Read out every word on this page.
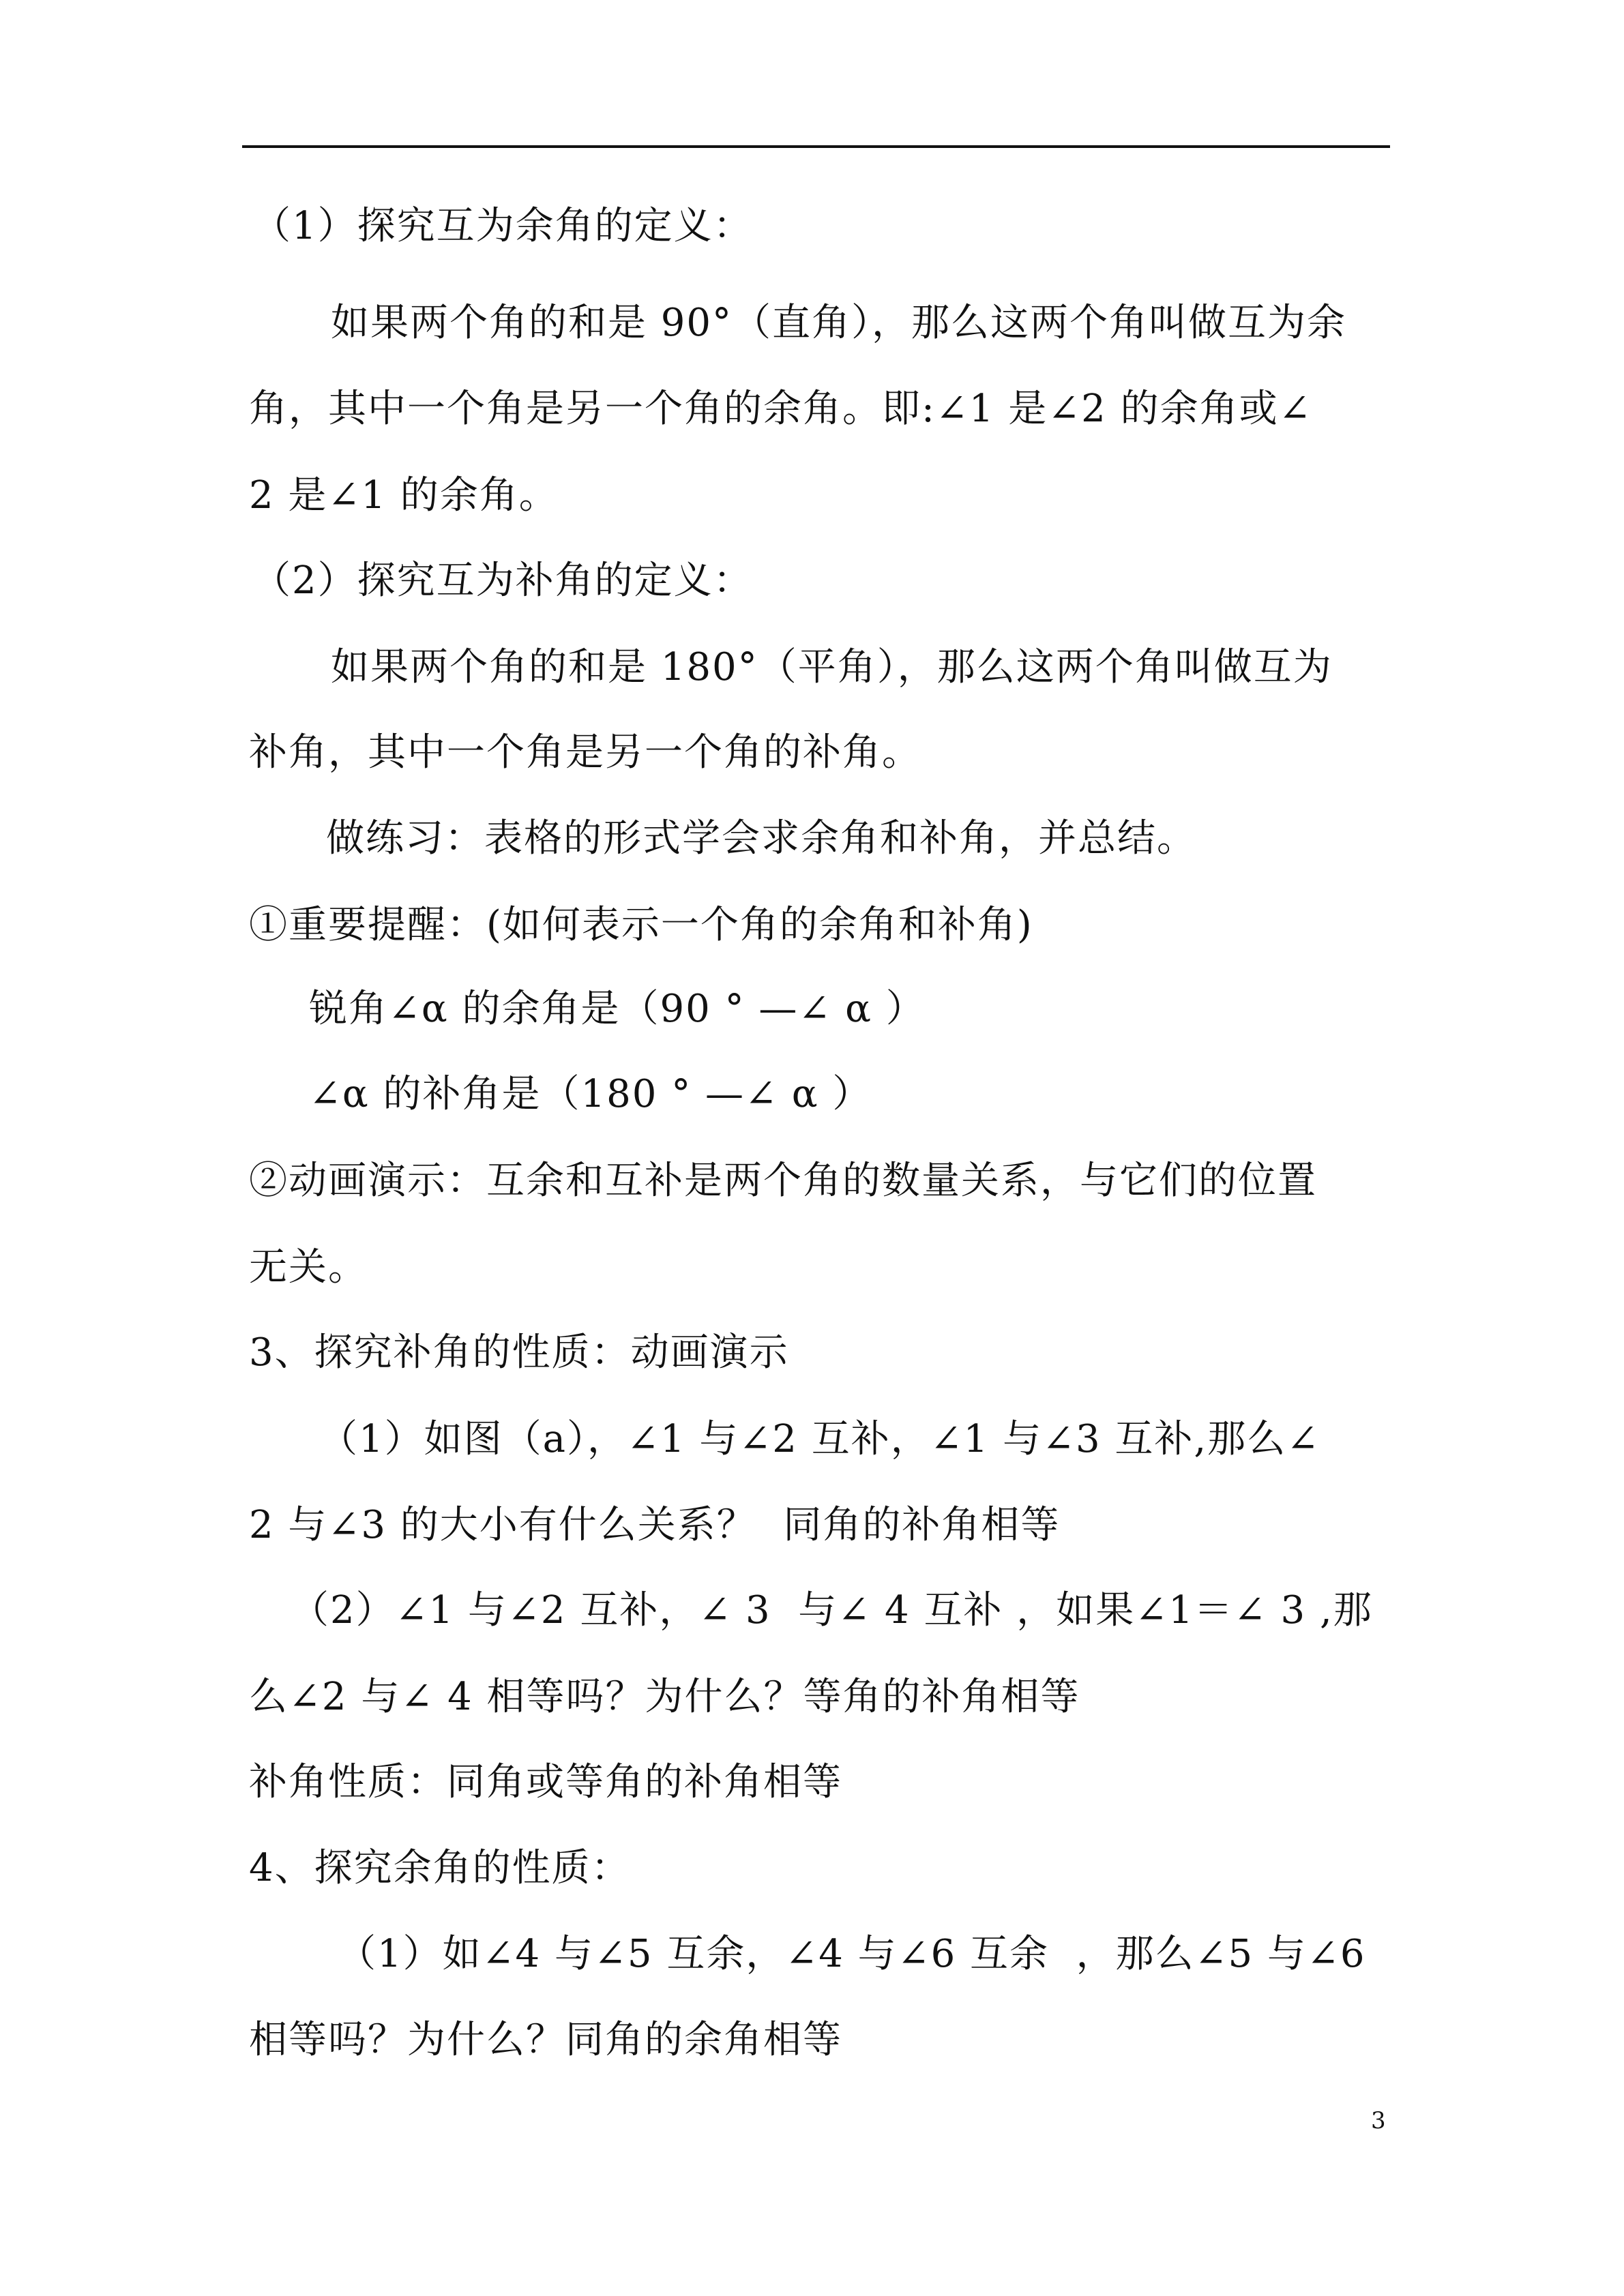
（1）探究互为余角的定义：
如果两个角的和是 90°（直角），那么这两个角叫做互为余
角，其中一个角是另一个角的余角。即:∠1 是∠2 的余角或∠
2 是∠1 的余角。
（2）探究互为补角的定义：
如果两个角的和是 180°（平角），那么这两个角叫做互为
补角，其中一个角是另一个角的补角。
做练习：表格的形式学会求余角和补角，并总结。
①重要提醒：(如何表示一个角的余角和补角)
锐角∠α 的余角是（90 ° —∠ α ）
∠α 的补角是（180 ° —∠ α ）
②动画演示：互余和互补是两个角的数量关系，与它们的位置
无关。
3、探究补角的性质：动画演示
（1）如图（a），∠1 与∠2 互补，∠1 与∠3 互补,那么∠
2 与∠3 的大小有什么关系？  同角的补角相等
（2）∠1 与∠2 互补，∠ 3  与∠ 4 互补 ，如果∠1＝∠ 3 ,那
么∠2 与∠ 4 相等吗？为什么？等角的补角相等
补角性质：同角或等角的补角相等
4、探究余角的性质：
（1）如∠4 与∠5 互余，∠4 与∠6 互余  ，那么∠5 与∠6
相等吗？为什么？同角的余角相等
3
